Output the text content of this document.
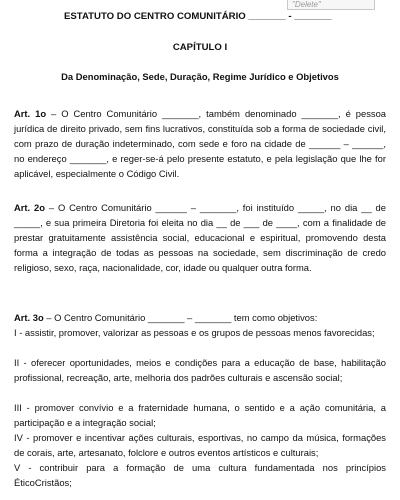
"Delete"
ESTATUTO DO CENTRO COMUNITÁRIO _______ - _______
CAPÍTULO I
Da Denominação, Sede, Duração, Regime Jurídico e Objetivos

Art. 1o – O Centro Comunitário _______, também denominado _______, é pessoa jurídica de direito privado, sem fins lucrativos, constituída sob a forma de sociedade civil, com prazo de duração indeterminado, com sede e foro na cidade de ______ – ______, no endereço _______, e reger-se-á pelo presente estatuto, e pela legislação que lhe for aplicável, especialmente o Código Civil.

Art. 2o – O Centro Comunitário ______ – _______, foi instituído _____, no dia __ de _____, e sua primeira Diretoria foi eleita no dia __ de ___ de ____, com a finalidade de prestar gratuitamente assistência social, educacional e espiritual, promovendo desta forma a integração de todas as pessoas na sociedade, sem discriminação de credo religioso, sexo, raça, nacionalidade, cor, idade ou qualquer outra forma.

Art. 3o – O Centro Comunitário _______ – _______ tem como objetivos:

I - assistir, promover, valorizar as pessoas e os grupos de pessoas menos favorecidas;

II - oferecer oportunidades, meios e condições para a educação de base, habilitação profissional, recreação, arte, melhoria dos padrões culturais e ascensão social;

III - promover convívio e a fraternidade humana, o sentido e a ação comunitária, a participação e a integração social;

IV - promover e incentivar ações culturais, esportivas, no campo da música, formações de corais, arte, artesanato, folclore e outros eventos artísticos e culturais;

V - contribuir para a formação de uma cultura fundamentada nos princípios ÉticoCristãos;
